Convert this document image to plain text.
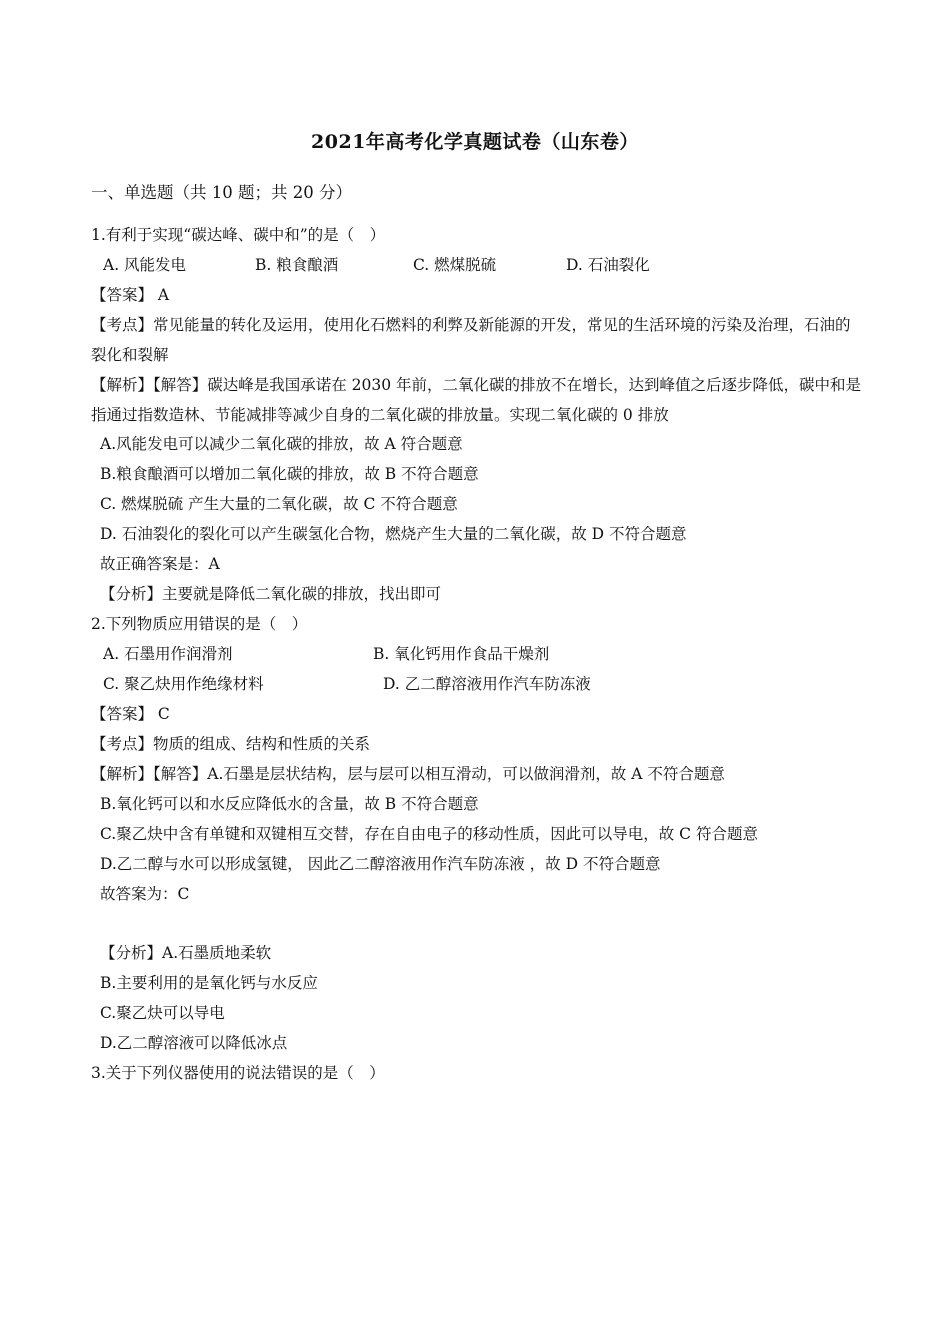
2021年高考化学真题试卷（山东卷）
一、单选题（共 10 题；共 20 分）
1.有利于实现“碳达峰、碳中和”的是（　）
A. 风能发电	B. 粮食酿酒	C. 燃煤脱硫	D. 石油裂化
【答案】 A
【考点】常见能量的转化及运用，使用化石燃料的利弊及新能源的开发，常见的生活环境的污染及治理，石油的裂化和裂解
【解析】【解答】碳达峰是我国承诺在 2030 年前，二氧化碳的排放不在增长，达到峰值之后逐步降低，碳中和是指通过指数造林、节能减排等减少自身的二氧化碳的排放量。实现二氧化碳的 0 排放
A.风能发电可以减少二氧化碳的排放，故 A 符合题意
B.粮食酿酒可以增加二氧化碳的排放，故 B 不符合题意
C. 燃煤脱硫 产生大量的二氧化碳，故 C 不符合题意
D. 石油裂化的裂化可以产生碳氢化合物，燃烧产生大量的二氧化碳，故 D 不符合题意
故正确答案是：A
【分析】主要就是降低二氧化碳的排放，找出即可
2.下列物质应用错误的是（　）
A. 石墨用作润滑剂	B. 氧化钙用作食品干燥剂
C. 聚乙炔用作绝缘材料	D. 乙二醇溶液用作汽车防冻液
【答案】 C
【考点】物质的组成、结构和性质的关系
【解析】【解答】A.石墨是层状结构，层与层可以相互滑动，可以做润滑剂，故 A 不符合题意
B.氧化钙可以和水反应降低水的含量，故 B 不符合题意
C.聚乙炔中含有单键和双键相互交替，存在自由电子的移动性质，因此可以导电，故 C 符合题意
D.乙二醇与水可以形成氢键， 因此乙二醇溶液用作汽车防冻液 ，故 D 不符合题意
故答案为：C
【分析】A.石墨质地柔软
B.主要利用的是氧化钙与水反应
C.聚乙炔可以导电
D.乙二醇溶液可以降低冰点
3.关于下列仪器使用的说法错误的是（　）
